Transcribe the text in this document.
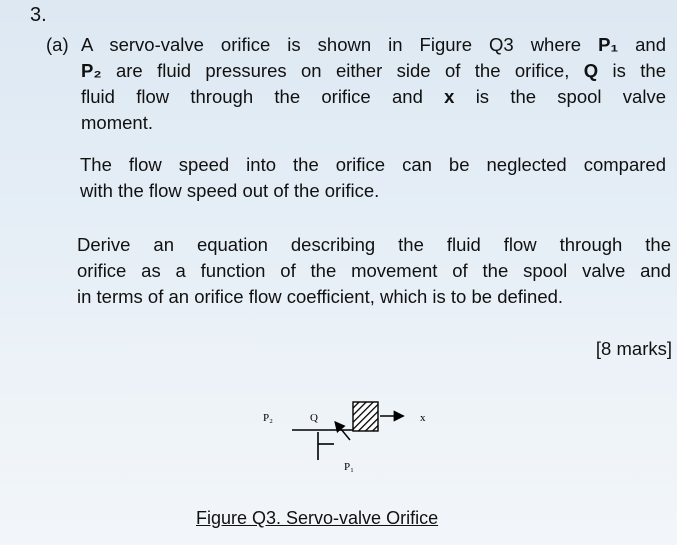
3.
(a) A servo-valve orifice is shown in Figure Q3 where P₁ and
P₂ are fluid pressures on either side of the orifice, Q is the
fluid flow through the orifice and x is the spool valve
moment.
The flow speed into the orifice can be neglected compared
with the flow speed out of the orifice.
Derive an equation describing the fluid flow through the
orifice as a function of the movement of the spool valve and
in terms of an orifice flow coefficient, which is to be defined.
[8 marks]
P₂	Q	x
P₁
Figure Q3. Servo-valve Orifice
